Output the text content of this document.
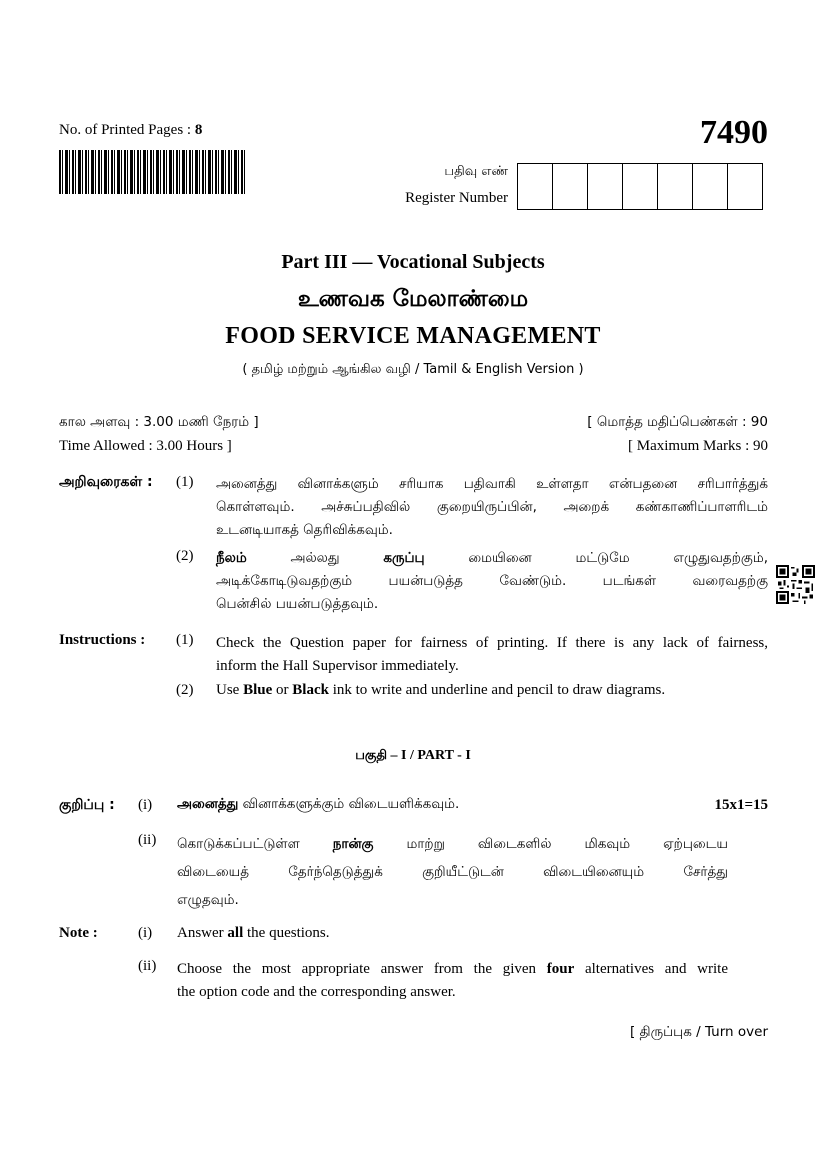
No. of Printed Pages : 8	7490
பதிவு எண்
Register Number
Part III — Vocational Subjects
உணவக மேலாண்மை
FOOD SERVICE MANAGEMENT
( தமிழ் மற்றும் ஆங்கில வழி / Tamil & English Version )
கால அளவு : 3.00 மணி நேரம் ]
Time Allowed : 3.00 Hours ]
[ மொத்த மதிப்பெண்கள் : 90
[ Maximum Marks : 90
அறிவுரைகள் : (1) அனைத்து வினாக்களும் சரியாக பதிவாகி உள்ளதா என்பதனை சரிபார்த்துக்
கொள்ளவும். அச்சுப்பதிவில் குறையிருப்பின், அறைக் கண்காணிப்பாளரிடம்
உடனடியாகத் தெரிவிக்கவும்.
(2) நீலம் அல்லது கருப்பு மையினை மட்டுமே எழுதுவதற்கும்,
அடிக்கோடிடுவதற்கும் பயன்படுத்த வேண்டும். படங்கள் வரைவதற்கு
பென்சில் பயன்படுத்தவும்.
Instructions : (1) Check the Question paper for fairness of printing. If there is any lack of fairness,
inform the Hall Supervisor immediately.
(2) Use Blue or Black ink to write and underline and pencil to draw diagrams.
பகுதி – I / PART - I
குறிப்பு : (i) அனைத்து வினாக்களுக்கும் விடையளிக்கவும்.	15x1=15
(ii) கொடுக்கப்பட்டுள்ள நான்கு மாற்று விடைகளில் மிகவும் ஏற்புடைய
விடையைத் தேர்ந்தெடுத்துக் குறியீட்டுடன் விடையினையும் சேர்த்து
எழுதவும்.
Note :	(i) Answer all the questions.
(ii) Choose the most appropriate answer from the given four alternatives and write
the option code and the corresponding answer.
[ திருப்புக / Turn over
